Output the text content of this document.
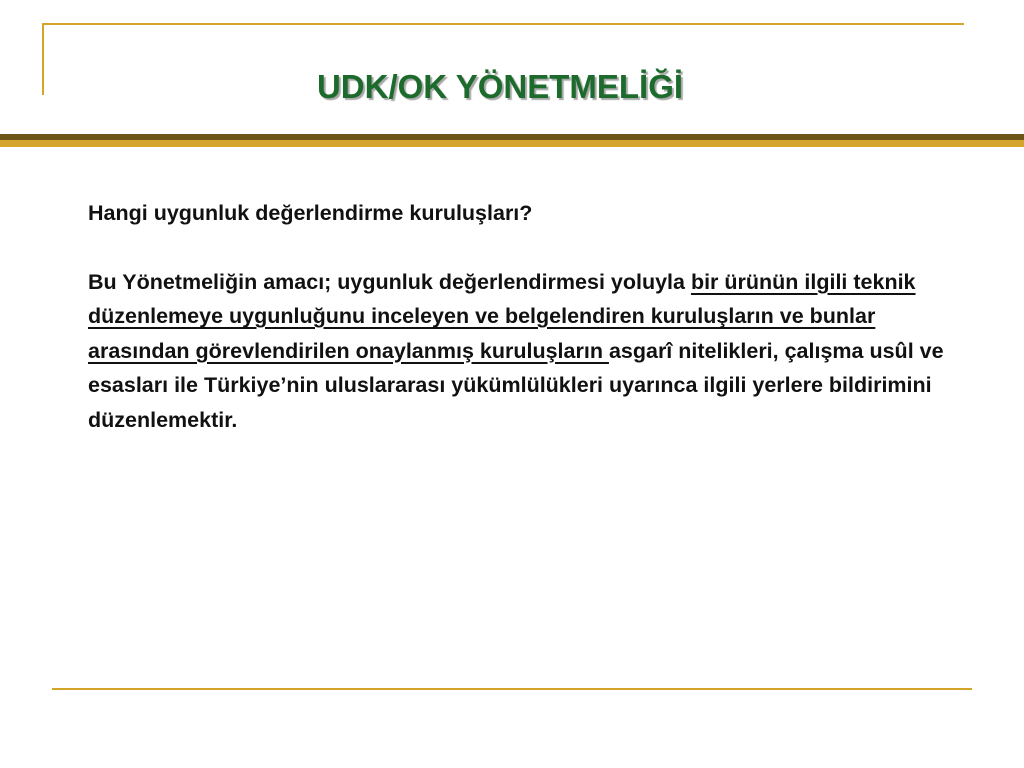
UDK/OK YÖNETMELİĞİ

Hangi uygunluk değerlendirme kuruluşları?

Bu Yönetmeliğin amacı; uygunluk değerlendirmesi yoluyla bir ürünün ilgili teknik düzenlemeye uygunluğunu inceleyen ve belgelendiren kuruluşların ve bunlar arasından görevlendirilen onaylanmış kuruluşların asgarî nitelikleri, çalışma usûl ve esasları ile Türkiye’nin uluslararası yükümlülükleri uyarınca ilgili yerlere bildirimini düzenlemektir.
